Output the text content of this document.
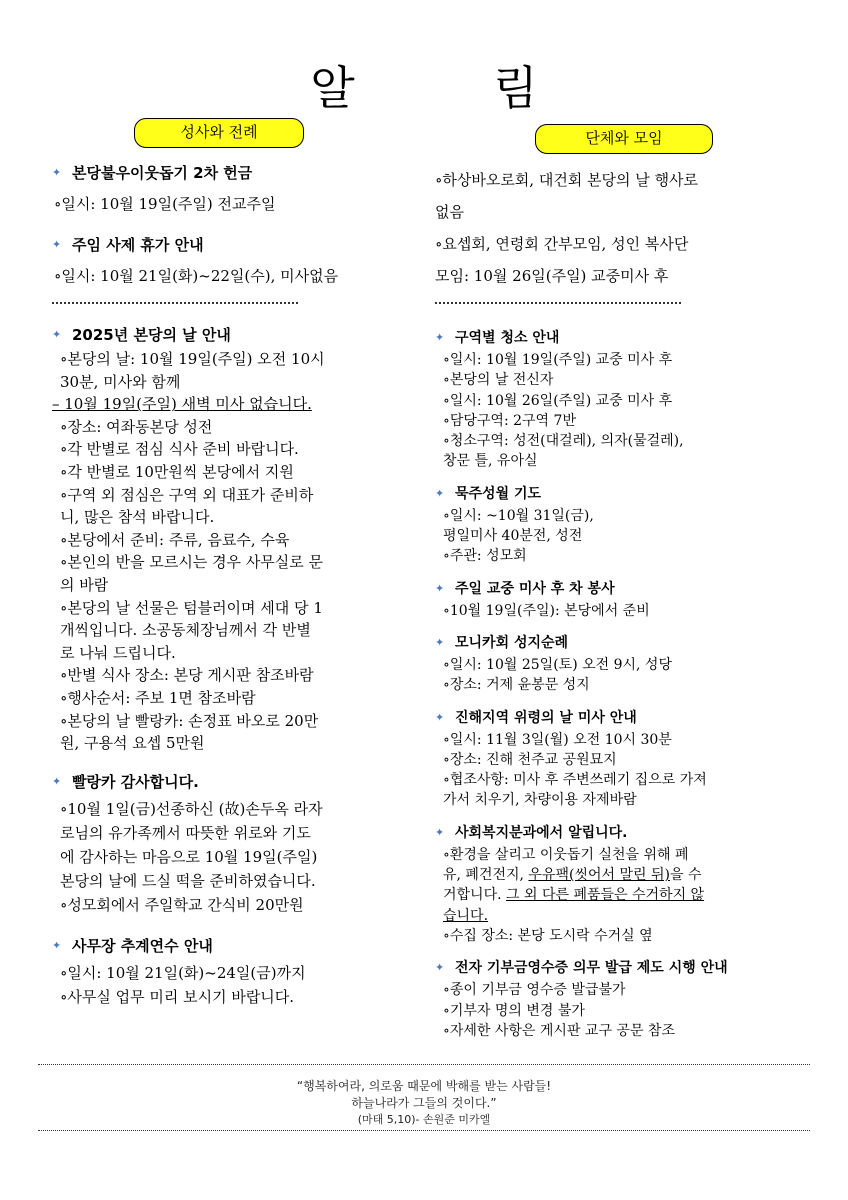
알 림
성사와 전례
✦ 본당불우이웃돕기 2차 헌금
∘일시: 10월 19일(주일) 전교주일
✦ 주임 사제 휴가 안내
∘일시: 10월 21일(화)~22일(수), 미사없음
✦ 2025년 본당의 날 안내
∘본당의 날: 10월 19일(주일) 오전 10시
30분, 미사와 함께
– 10월 19일(주일) 새벽 미사 없습니다.
∘장소: 여좌동본당 성전
∘각 반별로 점심 식사 준비 바랍니다.
∘각 반별로 10만원씩 본당에서 지원
∘구역 외 점심은 구역 외 대표가 준비하
니, 많은 참석 바랍니다.
∘본당에서 준비: 주류, 음료수, 수육
∘본인의 반을 모르시는 경우 사무실로 문
의 바람
∘본당의 날 선물은 텀블러이며 세대 당 1
개씩입니다. 소공동체장님께서 각 반별
로 나눠 드립니다.
∘반별 식사 장소: 본당 게시판 참조바람
∘행사순서: 주보 1면 참조바람
∘본당의 날 빨랑카: 손정표 바오로 20만
원, 구용석 요셉 5만원
✦ 빨랑카 감사합니다.
∘10월 1일(금)선종하신 (故)손두옥 라자
로님의 유가족께서 따뜻한 위로와 기도
에 감사하는 마음으로 10월 19일(주일)
본당의 날에 드실 떡을 준비하였습니다.
∘성모회에서 주일학교 간식비 20만원
✦ 사무장 추계연수 안내
∘일시: 10월 21일(화)~24일(금)까지
∘사무실 업무 미리 보시기 바랍니다.
단체와 모임
∘하상바오로회, 대건회 본당의 날 행사로
없음
∘요셉회, 연령회 간부모임, 성인 복사단
모임: 10월 26일(주일) 교중미사 후
✦ 구역별 청소 안내
∘일시: 10월 19일(주일) 교중 미사 후
∘본당의 날 전신자
∘일시: 10월 26일(주일) 교중 미사 후
∘담당구역: 2구역 7반
∘청소구역: 성전(대걸레), 의자(물걸레),
창문 틀, 유아실
✦ 묵주성월 기도
∘일시: ~10월 31일(금),
평일미사 40분전, 성전
∘주관: 성모회
✦ 주일 교중 미사 후 차 봉사
∘10월 19일(주일): 본당에서 준비
✦ 모니카회 성지순례
∘일시: 10월 25일(토) 오전 9시, 성당
∘장소: 거제 윤봉문 성지
✦ 진해지역 위령의 날 미사 안내
∘일시: 11월 3일(월) 오전 10시 30분
∘장소: 진해 천주교 공원묘지
∘협조사항: 미사 후 주변쓰레기 집으로 가져
가서 치우기, 차량이용 자제바람
✦ 사회복지분과에서 알립니다.
∘환경을 살리고 이웃돕기 실천을 위해 폐
유, 폐건전지, 우유팩(씻어서 말린 뒤)을 수
거합니다. 그 외 다른 폐품들은 수거하지 않
습니다.
∘수집 장소: 본당 도시락 수거실 옆
✦ 전자 기부금영수증 의무 발급 제도 시행 안내
∘종이 기부금 영수증 발급불가
∘기부자 명의 변경 불가
∘자세한 사항은 게시판 교구 공문 참조
“행복하여라, 의로움 때문에 박해를 받는 사람들!
하늘나라가 그들의 것이다.”
(마태 5,10)- 손원준 미카엘
